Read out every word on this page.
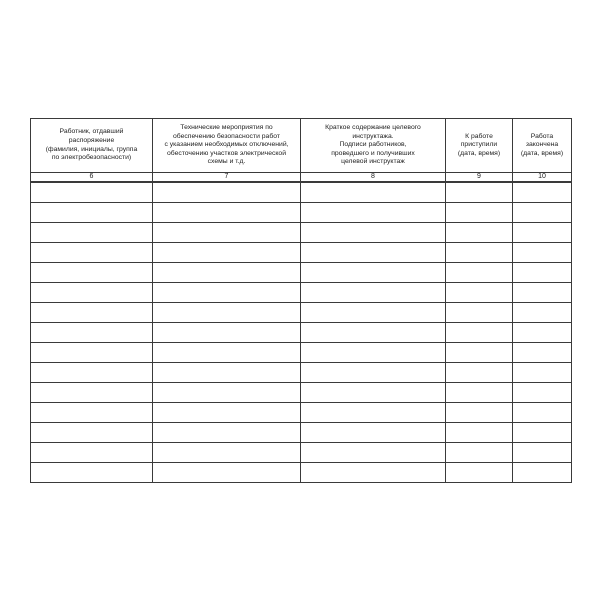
Работник, отдавший
распоряжение
(фамилия, инициалы, группа
по электробезопасности)	Технические мероприятия по
обеспечению безопасности работ
с указанием необходимых отключений,
обесточению участков электрической
схемы и т.д.	Краткое содержание целевого
инструктажа.
Подписи работников,
проведшего и получивших
целевой инструктаж	К работе
приступили
(дата, время)	Работа
закончена
(дата, время)
6	7	8	9	10
